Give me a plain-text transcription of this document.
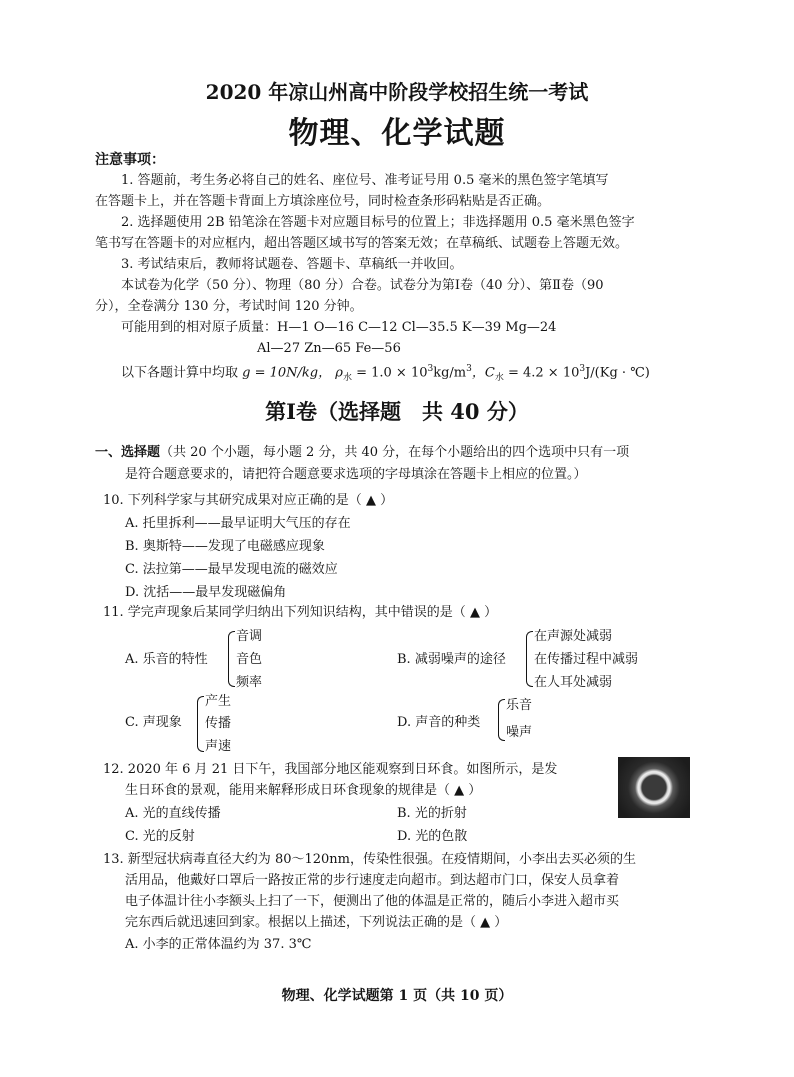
2020 年凉山州高中阶段学校招生统一考试
物理、化学试题
注意事项：
1. 答题前，考生务必将自己的姓名、座位号、准考证号用 0.5 毫米的黑色签字笔填写
在答题卡上，并在答题卡背面上方填涂座位号，同时检查条形码粘贴是否正确。
2. 选择题使用 2B 铅笔涂在答题卡对应题目标号的位置上；非选择题用 0.5 毫米黑色签字
笔书写在答题卡的对应框内，超出答题区域书写的答案无效；在草稿纸、试题卷上答题无效。
3. 考试结束后，教师将试题卷、答题卡、草稿纸一并收回。
本试卷为化学（50 分）、物理（80 分）合卷。试卷分为第Ⅰ卷（40 分）、第Ⅱ卷（90
分），全卷满分 130 分，考试时间 120 分钟。
可能用到的相对原子质量：H—1 O—16 C—12 Cl—35.5 K—39 Mg—24
Al—27 Zn—65 Fe—56
以下各题计算中均取 g = 10N/kg， $\rho_水 = 1.0 \times 10^3kg/m^3$，$C_水 = 4.2 \times 10^3J/(Kg$ · ℃)
第Ⅰ卷（选择题　共 40 分）
一、选择题（共 20 个小题，每小题 2 分，共 40 分，在每个小题给出的四个选项中只有一项
是符合题意要求的，请把符合题意要求选项的字母填涂在答题卡上相应的位置。）
10. 下列科学家与其研究成果对应正确的是（ ▲ ）
A. 托里拆利——最早证明大气压的存在
B. 奥斯特——发现了电磁感应现象
C. 法拉第——最早发现电流的磁效应
D. 沈括——最早发现磁偏角
11. 学完声现象后某同学归纳出下列知识结构，其中错误的是（ ▲ ）
A. 乐音的特性
音调
音色
频率
B. 减弱噪声的途径
在声源处减弱
在传播过程中减弱
在人耳处减弱
C. 声现象
产生
传播
声速
D. 声音的种类
乐音
噪声
12. 2020 年 6 月 21 日下午，我国部分地区能观察到日环食。如图所示，是发
生日环食的景观，能用来解释形成日环食现象的规律是（ ▲ ）
A. 光的直线传播	B. 光的折射
C. 光的反射	D. 光的色散
13. 新型冠状病毒直径大约为 80～120nm，传染性很强。在疫情期间，小李出去买必须的生
活用品，他戴好口罩后一路按正常的步行速度走向超市。到达超市门口，保安人员拿着
电子体温计往小李额头上扫了一下，便测出了他的体温是正常的，随后小李进入超市买
完东西后就迅速回到家。根据以上描述，下列说法正确的是（ ▲ ）
A. 小李的正常体温约为 37. 3℃
物理、化学试题第 1 页（共 10 页）
